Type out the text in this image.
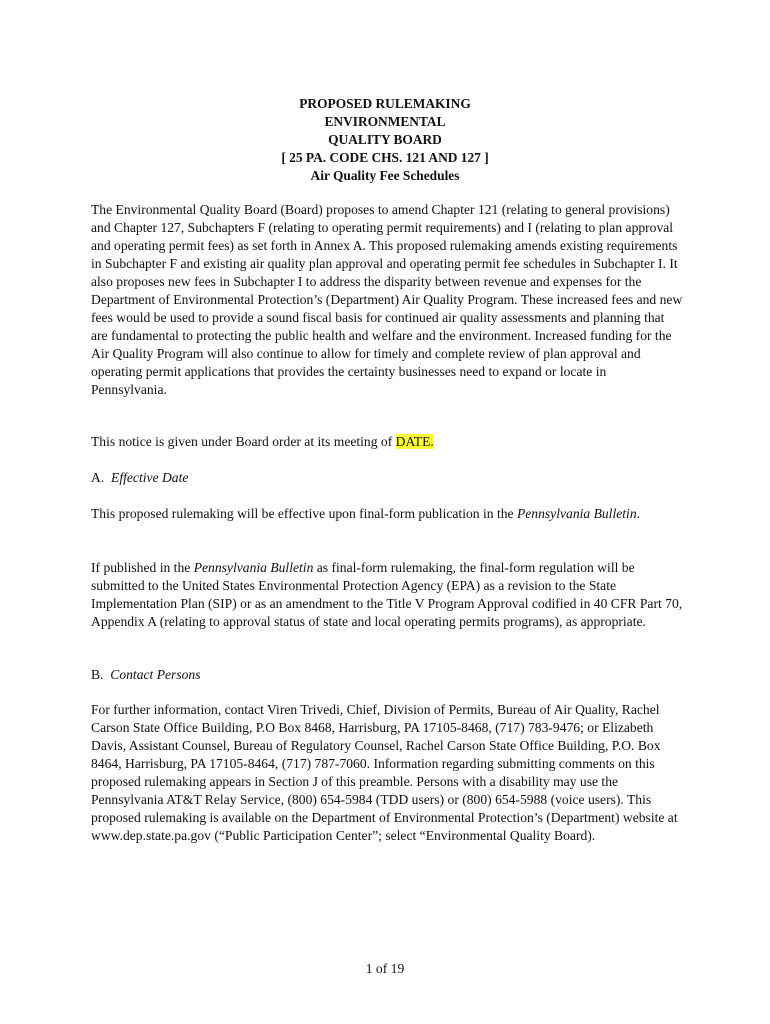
PROPOSED RULEMAKING
ENVIRONMENTAL
QUALITY BOARD
[ 25 PA. CODE CHS. 121 AND 127 ]
Air Quality Fee Schedules

The Environmental Quality Board (Board) proposes to amend Chapter 121 (relating to general provisions) and Chapter 127, Subchapters F (relating to operating permit requirements) and I (relating to plan approval and operating permit fees) as set forth in Annex A. This proposed rulemaking amends existing requirements in Subchapter F and existing air quality plan approval and operating permit fee schedules in Subchapter I. It also proposes new fees in Subchapter I to address the disparity between revenue and expenses for the Department of Environmental Protection’s (Department) Air Quality Program. These increased fees and new fees would be used to provide a sound fiscal basis for continued air quality assessments and planning that are fundamental to protecting the public health and welfare and the environment. Increased funding for the Air Quality Program will also continue to allow for timely and complete review of plan approval and operating permit applications that provides the certainty businesses need to expand or locate in Pennsylvania.

This notice is given under Board order at its meeting of DATE.

A. Effective Date

This proposed rulemaking will be effective upon final-form publication in the Pennsylvania Bulletin.

If published in the Pennsylvania Bulletin as final-form rulemaking, the final-form regulation will be submitted to the United States Environmental Protection Agency (EPA) as a revision to the State Implementation Plan (SIP) or as an amendment to the Title V Program Approval codified in 40 CFR Part 70, Appendix A (relating to approval status of state and local operating permits programs), as appropriate.

B. Contact Persons

For further information, contact Viren Trivedi, Chief, Division of Permits, Bureau of Air Quality, Rachel Carson State Office Building, P.O Box 8468, Harrisburg, PA 17105-8468, (717) 783-9476; or Elizabeth Davis, Assistant Counsel, Bureau of Regulatory Counsel, Rachel Carson State Office Building, P.O. Box 8464, Harrisburg, PA 17105-8464, (717) 787-7060. Information regarding submitting comments on this proposed rulemaking appears in Section J of this preamble. Persons with a disability may use the Pennsylvania AT&T Relay Service, (800) 654-5984 (TDD users) or (800) 654-5988 (voice users). This proposed rulemaking is available on the Department of Environmental Protection’s (Department) website at www.dep.state.pa.gov (“Public Participation Center”; select “Environmental Quality Board).

1 of 19
